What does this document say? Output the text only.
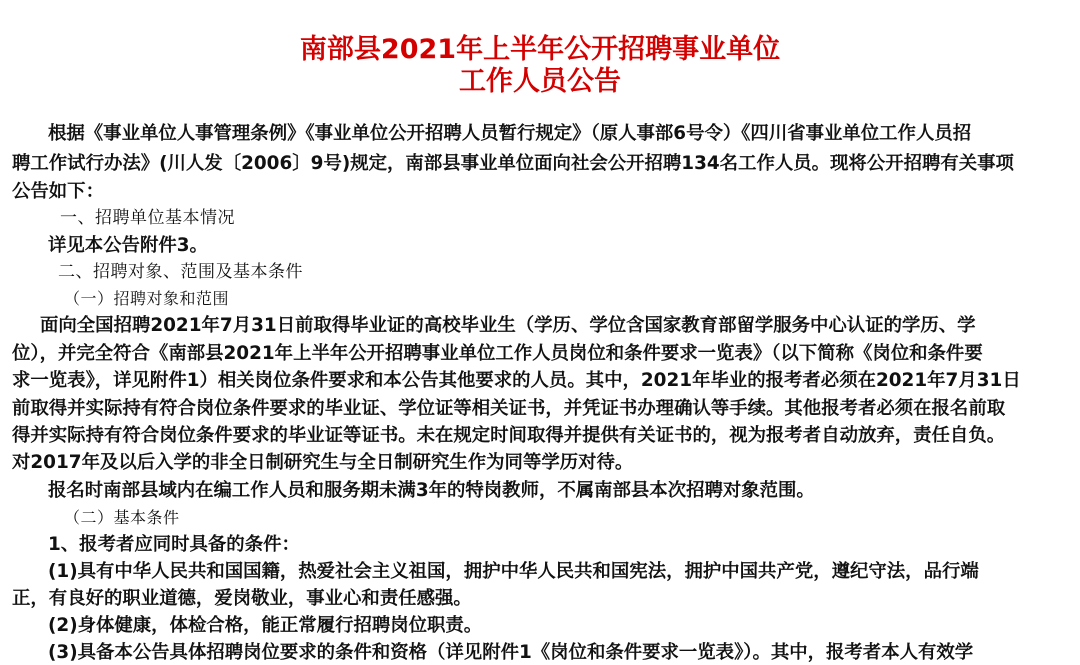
南部县2021年上半年公开招聘事业单位
工作人员公告
根据《事业单位人事管理条例》《事业单位公开招聘人员暂行规定》（原人事部6号令）《四川省事业单位工作人员招
聘工作试行办法》(川人发〔2006〕9号)规定，南部县事业单位面向社会公开招聘134名工作人员。现将公开招聘有关事项
公告如下：
一、招聘单位基本情况
详见本公告附件3。
二、招聘对象、范围及基本条件
（一）招聘对象和范围
面向全国招聘2021年7月31日前取得毕业证的高校毕业生（学历、学位含国家教育部留学服务中心认证的学历、学
位），并完全符合《南部县2021年上半年公开招聘事业单位工作人员岗位和条件要求一览表》（以下简称《岗位和条件要
求一览表》，详见附件1）相关岗位条件要求和本公告其他要求的人员。其中，2021年毕业的报考者必须在2021年7月31日
前取得并实际持有符合岗位条件要求的毕业证、学位证等相关证书，并凭证书办理确认等手续。其他报考者必须在报名前取
得并实际持有符合岗位条件要求的毕业证等证书。未在规定时间取得并提供有关证书的，视为报考者自动放弃，责任自负。
对2017年及以后入学的非全日制研究生与全日制研究生作为同等学历对待。
报名时南部县域内在编工作人员和服务期未满3年的特岗教师，不属南部县本次招聘对象范围。
（二）基本条件
1、报考者应同时具备的条件：
(1)具有中华人民共和国国籍，热爱社会主义祖国，拥护中华人民共和国宪法，拥护中国共产党，遵纪守法，品行端
正，有良好的职业道德，爱岗敬业，事业心和责任感强。
(2)身体健康，体检合格，能正常履行招聘岗位职责。
(3)具备本公告具体招聘岗位要求的条件和资格（详见附件1《岗位和条件要求一览表》）。其中，报考者本人有效学
